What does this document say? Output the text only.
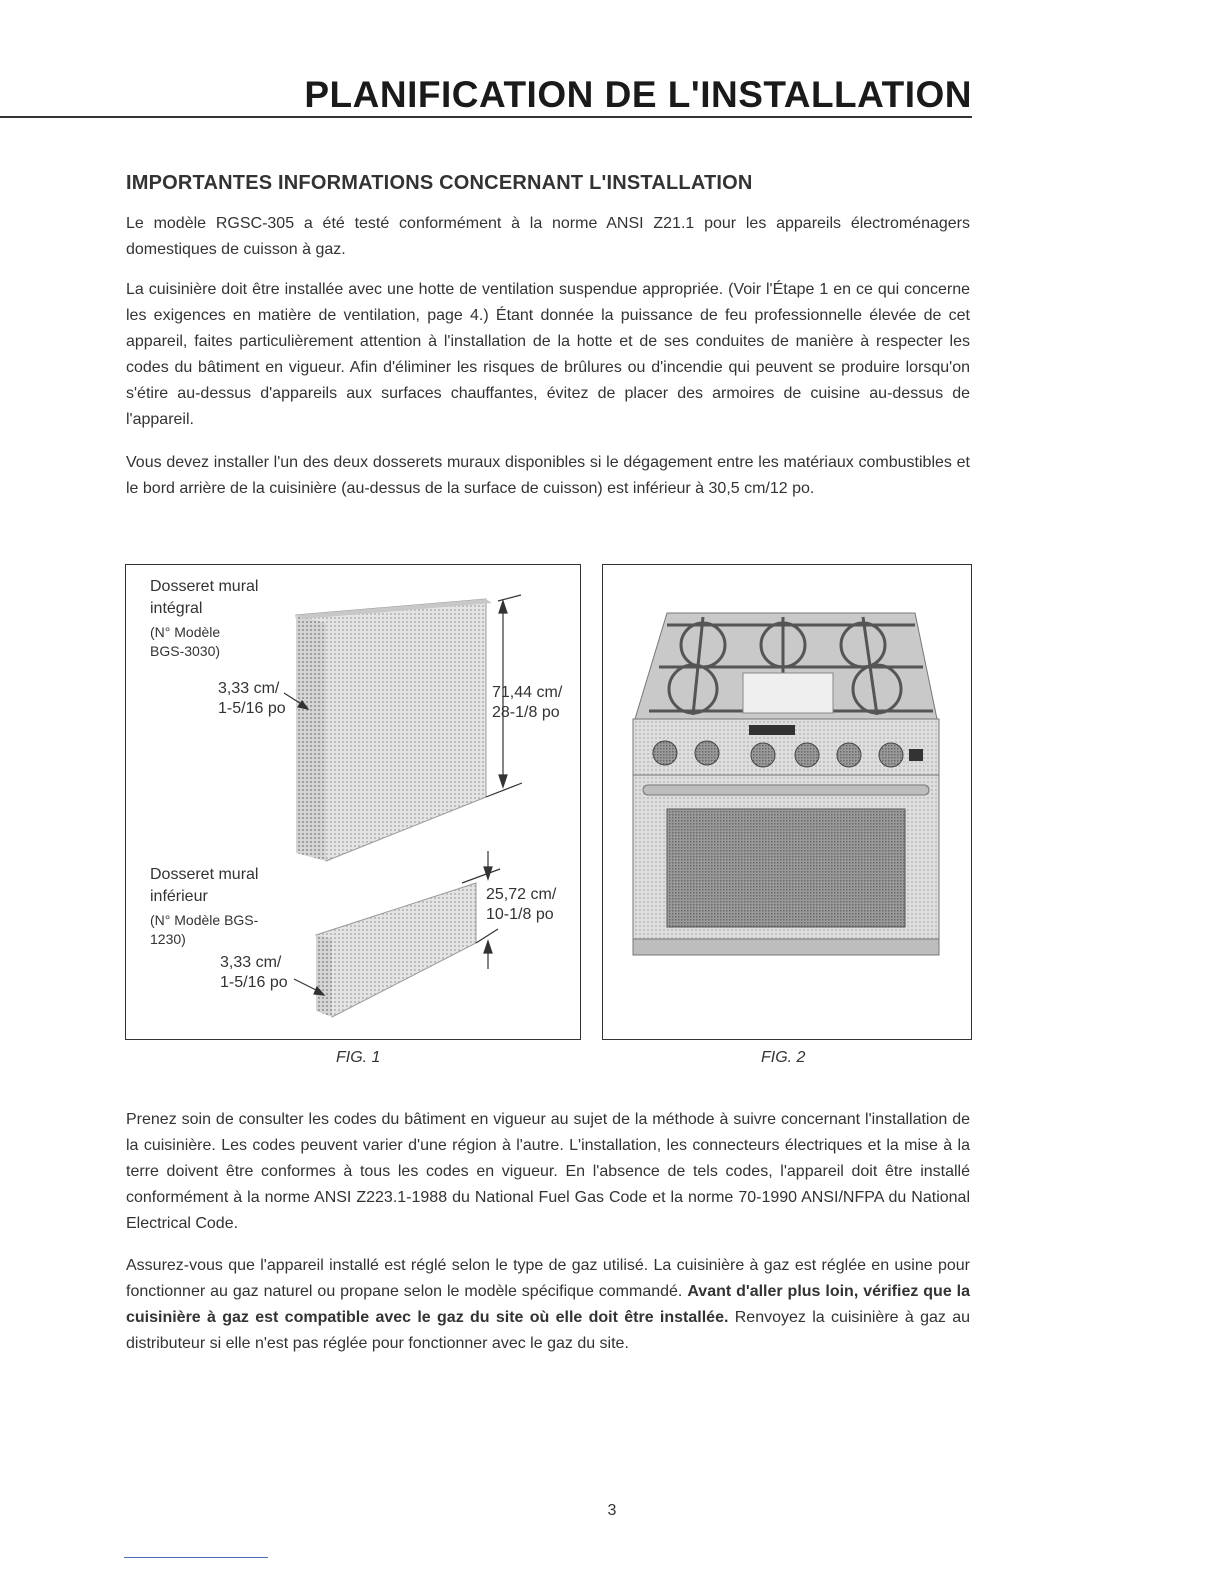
PLANIFICATION DE L'INSTALLATION
IMPORTANTES INFORMATIONS CONCERNANT L'INSTALLATION

Le modèle RGSC-305 a été testé conformément à la norme ANSI Z21.1 pour les appareils électroménagers domestiques de cuisson à gaz.

La cuisinière doit être installée avec une hotte de ventilation suspendue appropriée. (Voir l'Étape 1 en ce qui concerne les exigences en matière de ventilation, page 4.) Étant donnée la puissance de feu professionnelle élevée de cet appareil, faites particulièrement attention à l'installation de la hotte et de ses conduites de manière à respecter les codes du bâtiment en vigueur. Afin d'éliminer les risques de brûlures ou d'incendie qui peuvent se produire lorsqu'on s'étire au-dessus d'appareils aux surfaces chauffantes, évitez de placer des armoires de cuisine au-dessus de l'appareil.

Vous devez installer l'un des deux dosserets muraux disponibles si le dégagement entre les matériaux combustibles et le bord arrière de la cuisinière (au-dessus de la surface de cuisson) est inférieur à 30,5 cm/12 po.

Dosseret mural

intégral

(N° Modèle

BGS-3030)

3,33 cm/

1-5/16 po

71,44 cm/

28-1/8 po

Dosseret mural

inférieur

(N° Modèle BGS-

1230)

3,33 cm/

1-5/16 po

25,72 cm/

10-1/8 po

FIG. 1	FIG. 2

Prenez soin de consulter les codes du bâtiment en vigueur au sujet de la méthode à suivre concernant l'installation de la cuisinière. Les codes peuvent varier d'une région à l'autre. L'installation, les connecteurs électriques et la mise à la terre doivent être conformes à tous les codes en vigueur. En l'absence de tels codes, l'appareil doit être installé conformément à la norme ANSI Z223.1-1988 du National Fuel Gas Code et la norme 70-1990 ANSI/NFPA du National Electrical Code.

Assurez-vous que l'appareil installé est réglé selon le type de gaz utilisé. La cuisinière à gaz est réglée en usine pour fonctionner au gaz naturel ou propane selon le modèle spécifique commandé. Avant d'aller plus loin, vérifiez que la cuisinière à gaz est compatible avec le gaz du site où elle doit être installée. Renvoyez la cuisinière à gaz au distributeur si elle n'est pas réglée pour fonctionner avec le gaz du site.

3
